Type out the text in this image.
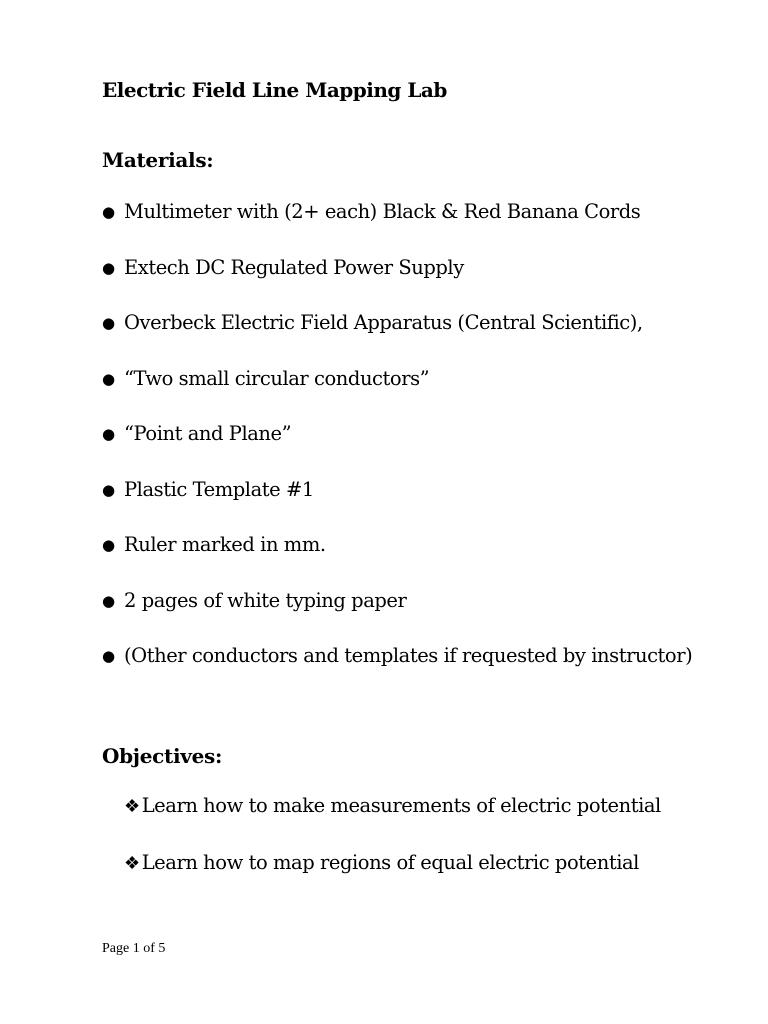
Electric Field Line Mapping Lab
Materials:
● Multimeter with (2+ each) Black & Red Banana Cords
● Extech DC Regulated Power Supply
● Overbeck Electric Field Apparatus (Central Scientific),
● “Two small circular conductors”
● “Point and Plane”
● Plastic Template #1
● Ruler marked in mm.
● 2 pages of white typing paper
● (Other conductors and templates if requested by instructor)
Objectives:
❖ Learn how to make measurements of electric potential
❖ Learn how to map regions of equal electric potential
Page 1 of 5
